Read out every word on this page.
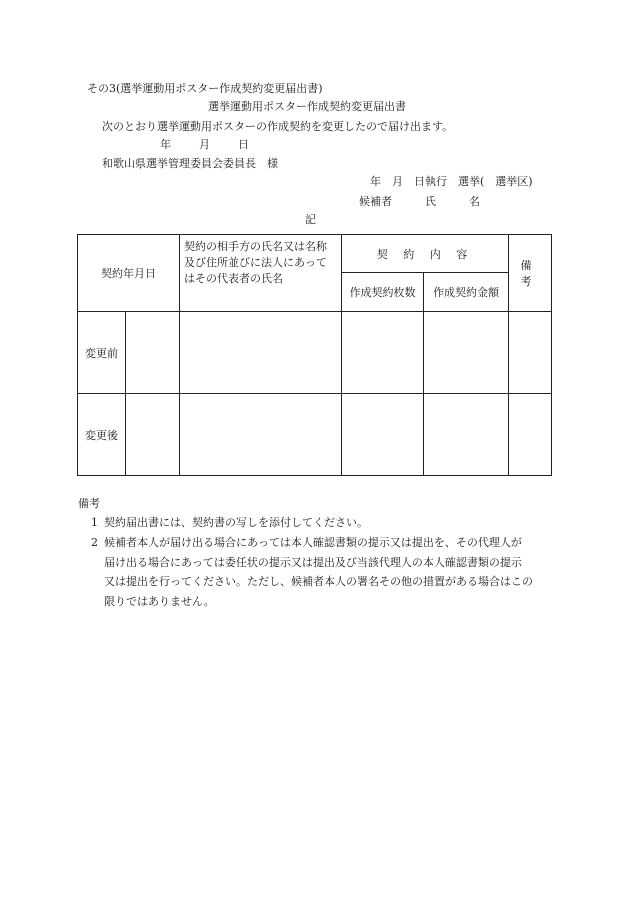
その3(選挙運動用ポスター作成契約変更届出書)
選挙運動用ポスター作成契約変更届出書
次のとおり選挙運動用ポスターの作成契約を変更したので届け出ます。
年	月	日
和歌山県選挙管理委員会委員長　様
年　月　日執行　選挙(　選挙区)
候補者　　　氏　　　名
記
契約年月日		契約の相手方の氏名又は名称及び住所並びに法人にあってはその代表者の氏名	契 約 内 容		備 考
			作成契約枚数	作成契約金額	
変更前					
変更後					
備考
1 契約届出書には、契約書の写しを添付してください。
2 候補者本人が届け出る場合にあっては本人確認書類の提示又は提出を、その代理人が
届け出る場合にあっては委任状の提示又は提出及び当該代理人の本人確認書類の提示
又は提出を行ってください。ただし、候補者本人の署名その他の措置がある場合はこの
限りではありません。
